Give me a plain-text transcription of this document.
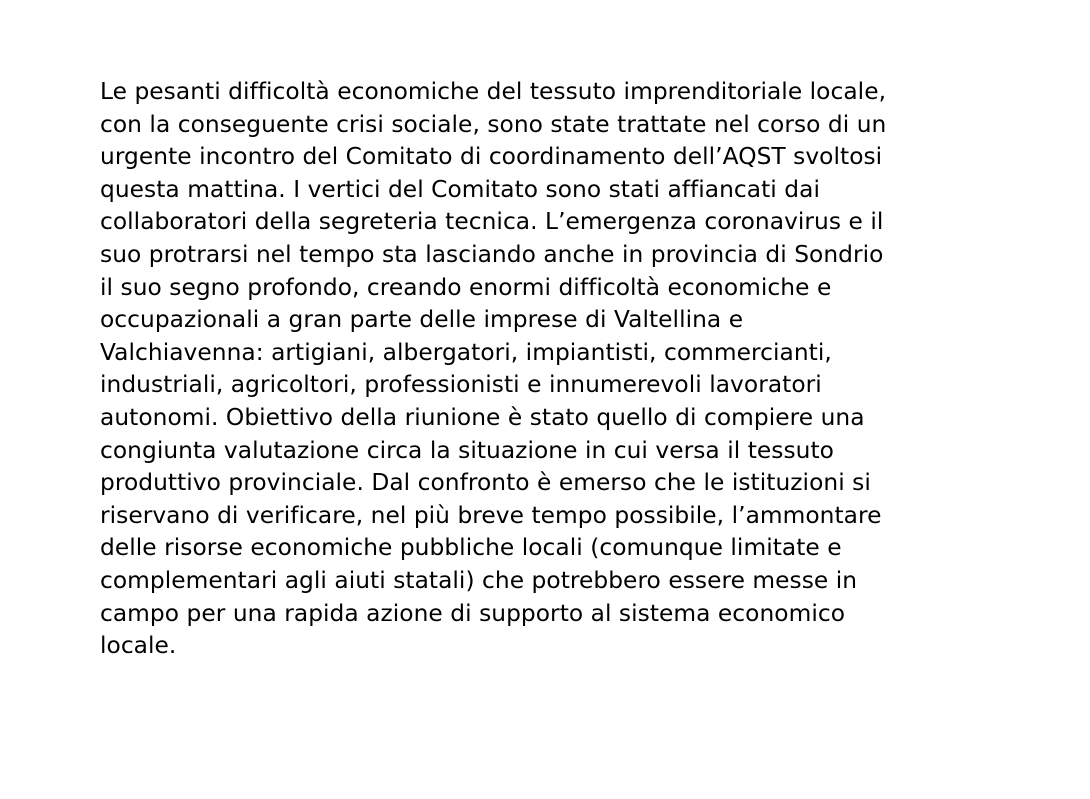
Le pesanti difficoltà economiche del tessuto imprenditoriale locale,
con la conseguente crisi sociale, sono state trattate nel corso di un
urgente incontro del Comitato di coordinamento dell’AQST svoltosi
questa mattina. I vertici del Comitato sono stati affiancati dai
collaboratori della segreteria tecnica. L’emergenza coronavirus e il
suo protrarsi nel tempo sta lasciando anche in provincia di Sondrio
il suo segno profondo, creando enormi difficoltà economiche e
occupazionali a gran parte delle imprese di Valtellina e
Valchiavenna: artigiani, albergatori, impiantisti, commercianti,
industriali, agricoltori, professionisti e innumerevoli lavoratori
autonomi. Obiettivo della riunione è stato quello di compiere una
congiunta valutazione circa la situazione in cui versa il tessuto
produttivo provinciale. Dal confronto è emerso che le istituzioni si
riservano di verificare, nel più breve tempo possibile, l’ammontare
delle risorse economiche pubbliche locali (comunque limitate e
complementari agli aiuti statali) che potrebbero essere messe in
campo per una rapida azione di supporto al sistema economico
locale.
